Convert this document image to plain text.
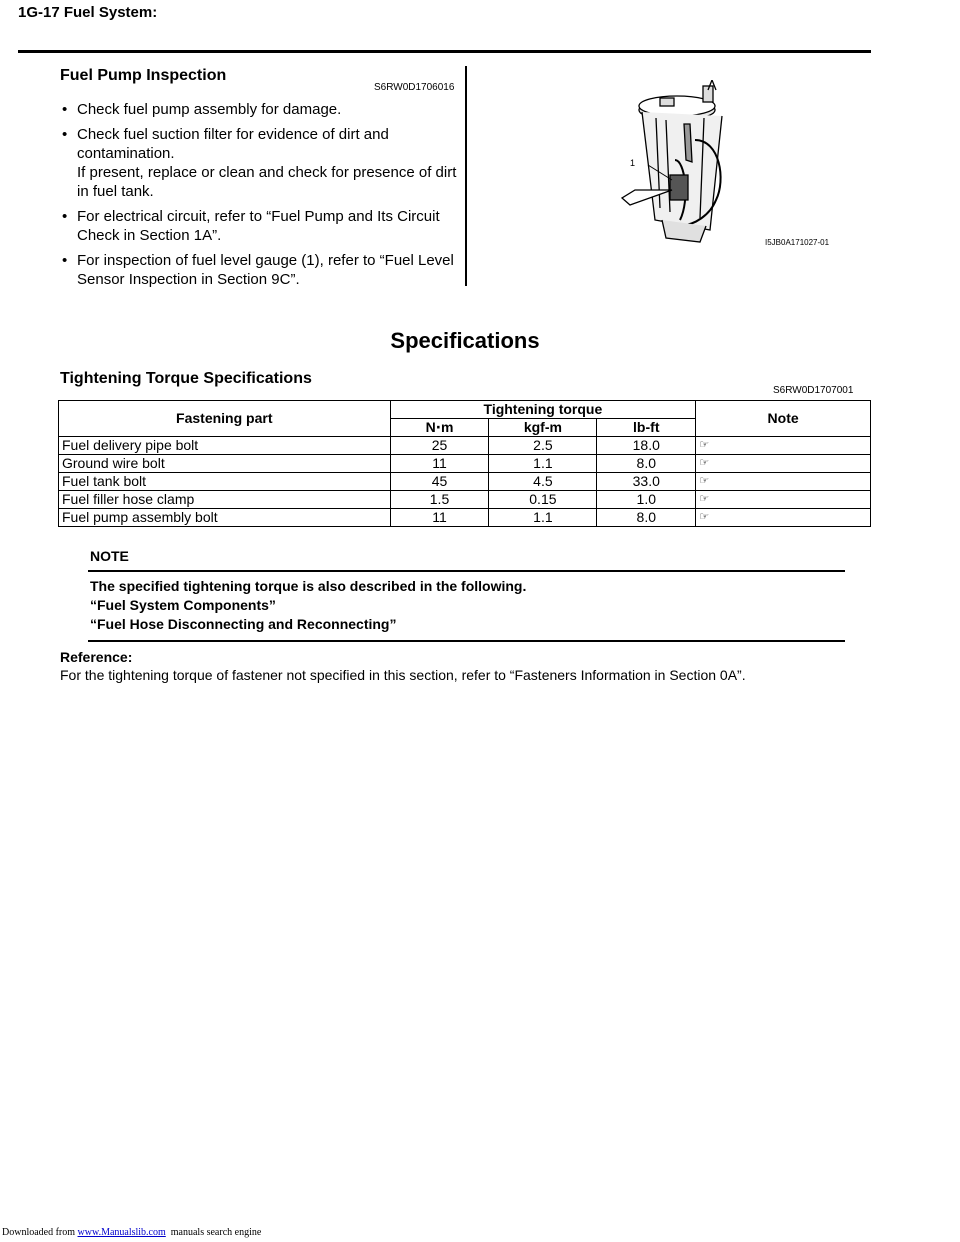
1G-17 Fuel System:
Fuel Pump Inspection
S6RW0D1706016
• Check fuel pump assembly for damage.
• Check fuel suction filter for evidence of dirt and contamination.
If present, replace or clean and check for presence of dirt in fuel tank.
• For electrical circuit, refer to “Fuel Pump and Its Circuit Check in Section 1A”.
• For inspection of fuel level gauge (1), refer to “Fuel Level Sensor Inspection in Section 9C”.
1
I5JB0A171027-01
Specifications
Tightening Torque Specifications
S6RW0D1707001
Fastening part	Tightening torque			Note
	N⋅m	kgf-m	lb-ft	
Fuel delivery pipe bolt	25	2.5	18.0	☞
Ground wire bolt	11	1.1	8.0	☞
Fuel tank bolt	45	4.5	33.0	☞
Fuel filler hose clamp	1.5	0.15	1.0	☞
Fuel pump assembly bolt	11	1.1	8.0	☞
NOTE
The specified tightening torque is also described in the following.
“Fuel System Components”
“Fuel Hose Disconnecting and Reconnecting”
Reference:
For the tightening torque of fastener not specified in this section, refer to “Fasteners Information in Section 0A”.
Downloaded from www.Manualslib.com  manuals search engine
